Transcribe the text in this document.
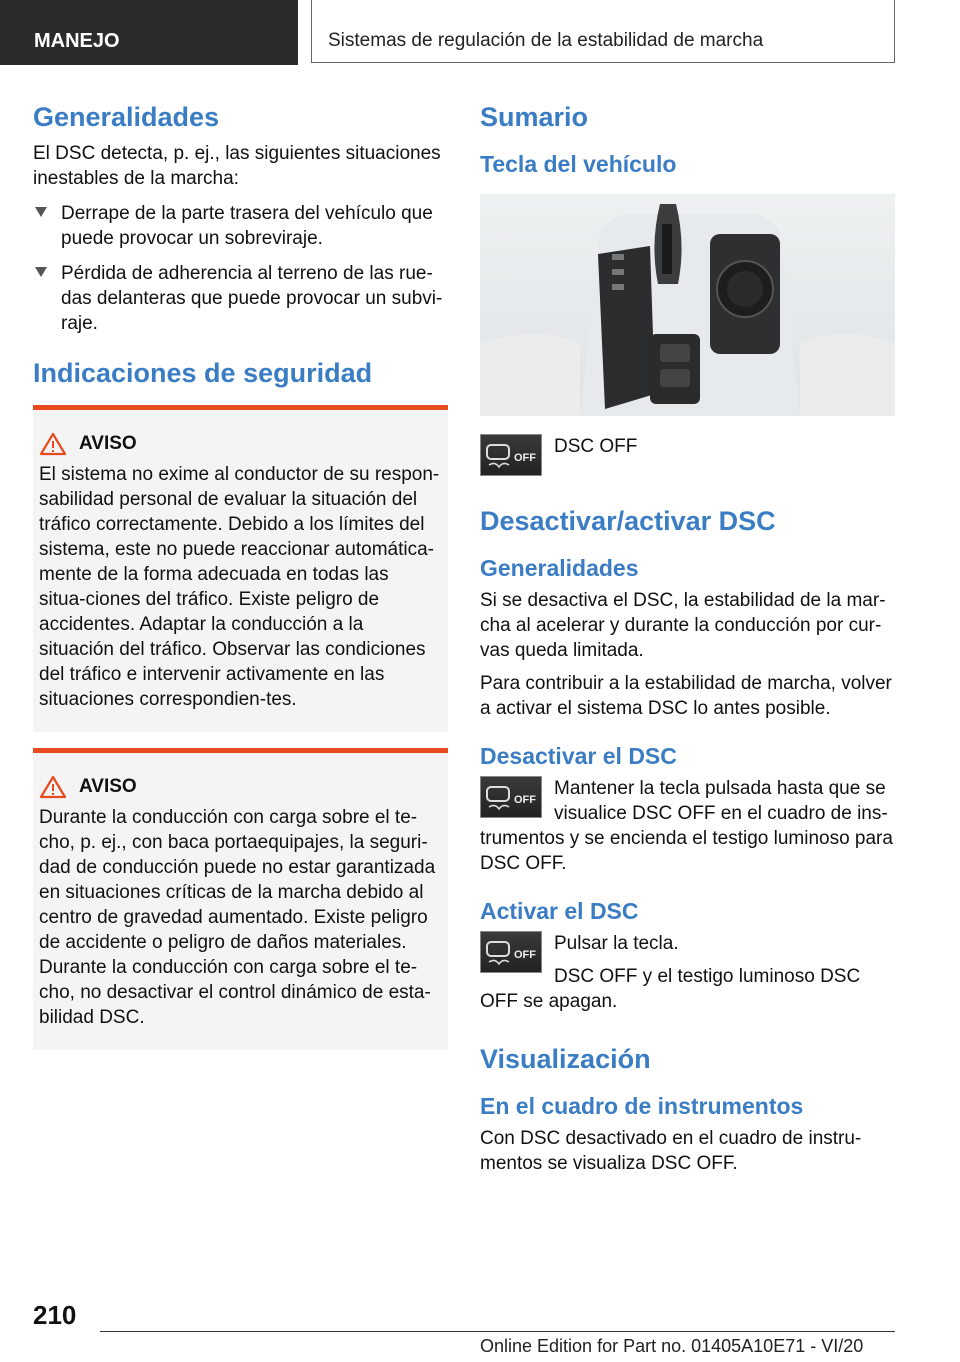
MANEJO	Sistemas de regulación de la estabilidad de marcha
Generalidades

El DSC detecta, p. ej., las siguientes situaciones inestables de la marcha:

Derrape de la parte trasera del vehículo que puede provocar un sobreviraje.
Pérdida de adherencia al terreno de las rue‐das delanteras que puede provocar un subvi‐raje.
Indicaciones de seguridad
AVISO

El sistema no exime al conductor de su respon‐sabilidad personal de evaluar la situación del tráfico correctamente. Debido a los límites del sistema, este no puede reaccionar automática‐mente de la forma adecuada en todas las situa‐ciones del tráfico. Existe peligro de accidentes. Adaptar la conducción a la situación del tráfico. Observar las condiciones del tráfico e intervenir activamente en las situaciones correspondien‐tes.

AVISO

Durante la conducción con carga sobre el te‐cho, p. ej., con baca portaequipajes, la seguri‐dad de conducción puede no estar garantizada en situaciones críticas de la marcha debido al centro de gravedad aumentado. Existe peligro de accidente o peligro de daños materiales. Durante la conducción con carga sobre el te‐cho, no desactivar el control dinámico de esta‐bilidad DSC.

Sumario
Tecla del vehículo
OFF

DSC OFF

Desactivar/activar DSC
Generalidades

Si se desactiva el DSC, la estabilidad de la mar‐cha al acelerar y durante la conducción por cur‐vas queda limitada.

Para contribuir a la estabilidad de marcha, volver a activar el sistema DSC lo antes posible.

Desactivar el DSC
OFF

Mantener la tecla pulsada hasta que se visualice DSC OFF en el cuadro de ins‐trumentos y se encienda el testigo luminoso para DSC OFF.

Activar el DSC
OFF

Pulsar la tecla.

DSC OFF y el testigo luminoso DSC OFF se apagan.

Visualización
En el cuadro de instrumentos

Con DSC desactivado en el cuadro de instru‐mentos se visualiza DSC OFF.

210
Online Edition for Part no. 01405A10E71 - VI/20
